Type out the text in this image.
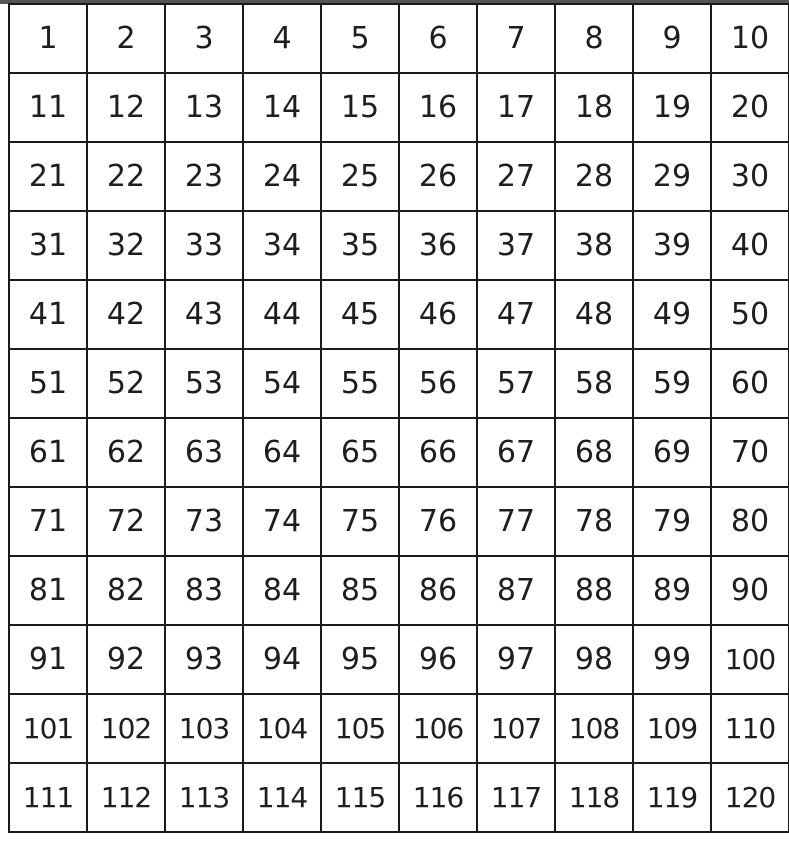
1	2	3	4	5	6	7	8	9	10
11	12	13	14	15	16	17	18	19	20
21	22	23	24	25	26	27	28	29	30
31	32	33	34	35	36	37	38	39	40
41	42	43	44	45	46	47	48	49	50
51	52	53	54	55	56	57	58	59	60
61	62	63	64	65	66	67	68	69	70
71	72	73	74	75	76	77	78	79	80
81	82	83	84	85	86	87	88	89	90
91	92	93	94	95	96	97	98	99	100
101	102	103	104	105	106	107	108	109	110
111	112	113	114	115	116	117	118	119	120
